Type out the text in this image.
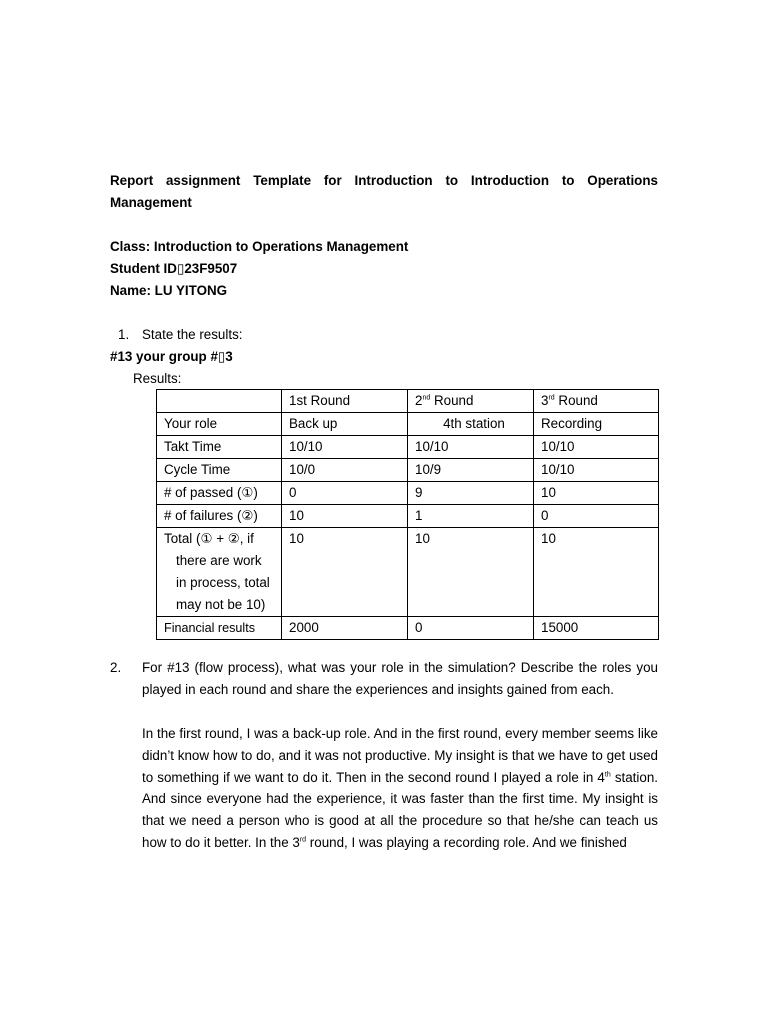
Report assignment Template for Introduction to Introduction to Operations
Management
Class: Introduction to Operations Management
Student ID▯23F9507
Name: LU YITONG
1. State the results:
#13 your group #▯3
Results:
	1st Round	2nd Round	3rd Round
Your role	Back up	4th station	Recording
Takt Time	10/10	10/10	10/10
Cycle Time	10/0	10/9	10/10
# of passed (①)	0	9	10
# of failures (②)	10	1	0
Total (① + ②, if
there are work
in process, total
may not be 10)	10	10	10
Financial results	2000	0	15000
2. For #13 (flow process), what was your role in the simulation? Describe the roles you played in each round and share the experiences and insights gained from each.
In the first round, I was a back-up role. And in the first round, every member seems like didn’t know how to do, and it was not productive. My insight is that we have to get used to something if we want to do it. Then in the second round I played a role in 4th station. And since everyone had the experience, it was faster than the first time. My insight is that we need a person who is good at all the procedure so that he/she can teach us how to do it better. In the 3rd round, I was playing a recording role. And we finished
